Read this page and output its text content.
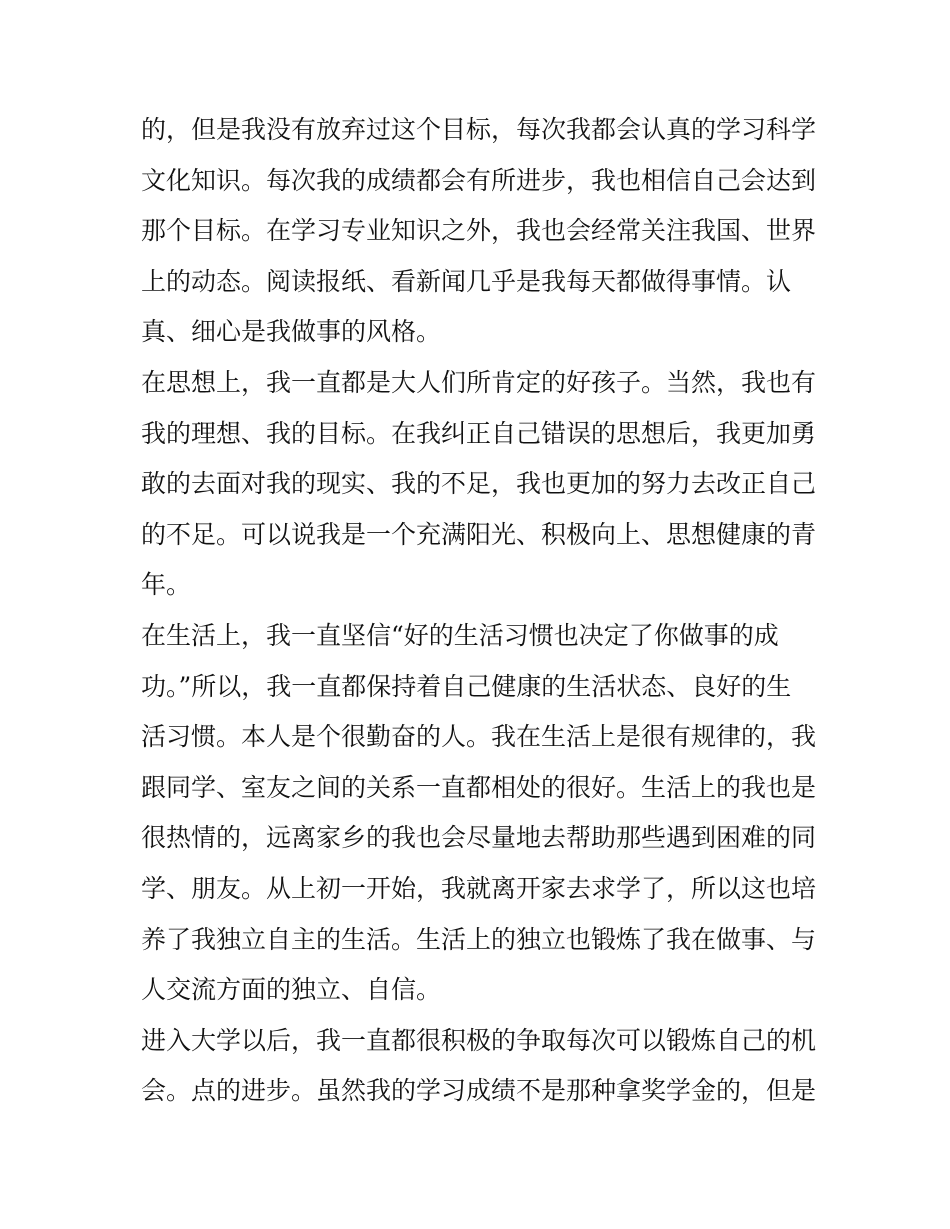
的，但是我没有放弃过这个目标，每次我都会认真的学习科学
文化知识。每次我的成绩都会有所进步，我也相信自己会达到
那个目标。在学习专业知识之外，我也会经常关注我国、世界
上的动态。阅读报纸、看新闻几乎是我每天都做得事情。认
真、细心是我做事的风格。
在思想上，我一直都是大人们所肯定的好孩子。当然，我也有
我的理想、我的目标。在我纠正自己错误的思想后，我更加勇
敢的去面对我的现实、我的不足，我也更加的努力去改正自己
的不足。可以说我是一个充满阳光、积极向上、思想健康的青
年。
在生活上，我一直坚信“好的生活习惯也决定了你做事的成
功。”所以，我一直都保持着自己健康的生活状态、良好的生
活习惯。本人是个很勤奋的人。我在生活上是很有规律的，我
跟同学、室友之间的关系一直都相处的很好。生活上的我也是
很热情的，远离家乡的我也会尽量地去帮助那些遇到困难的同
学、朋友。从上初一开始，我就离开家去求学了，所以这也培
养了我独立自主的生活。生活上的独立也锻炼了我在做事、与
人交流方面的独立、自信。
进入大学以后，我一直都很积极的争取每次可以锻炼自己的机
会。点的进步。虽然我的学习成绩不是那种拿奖学金的，但是
